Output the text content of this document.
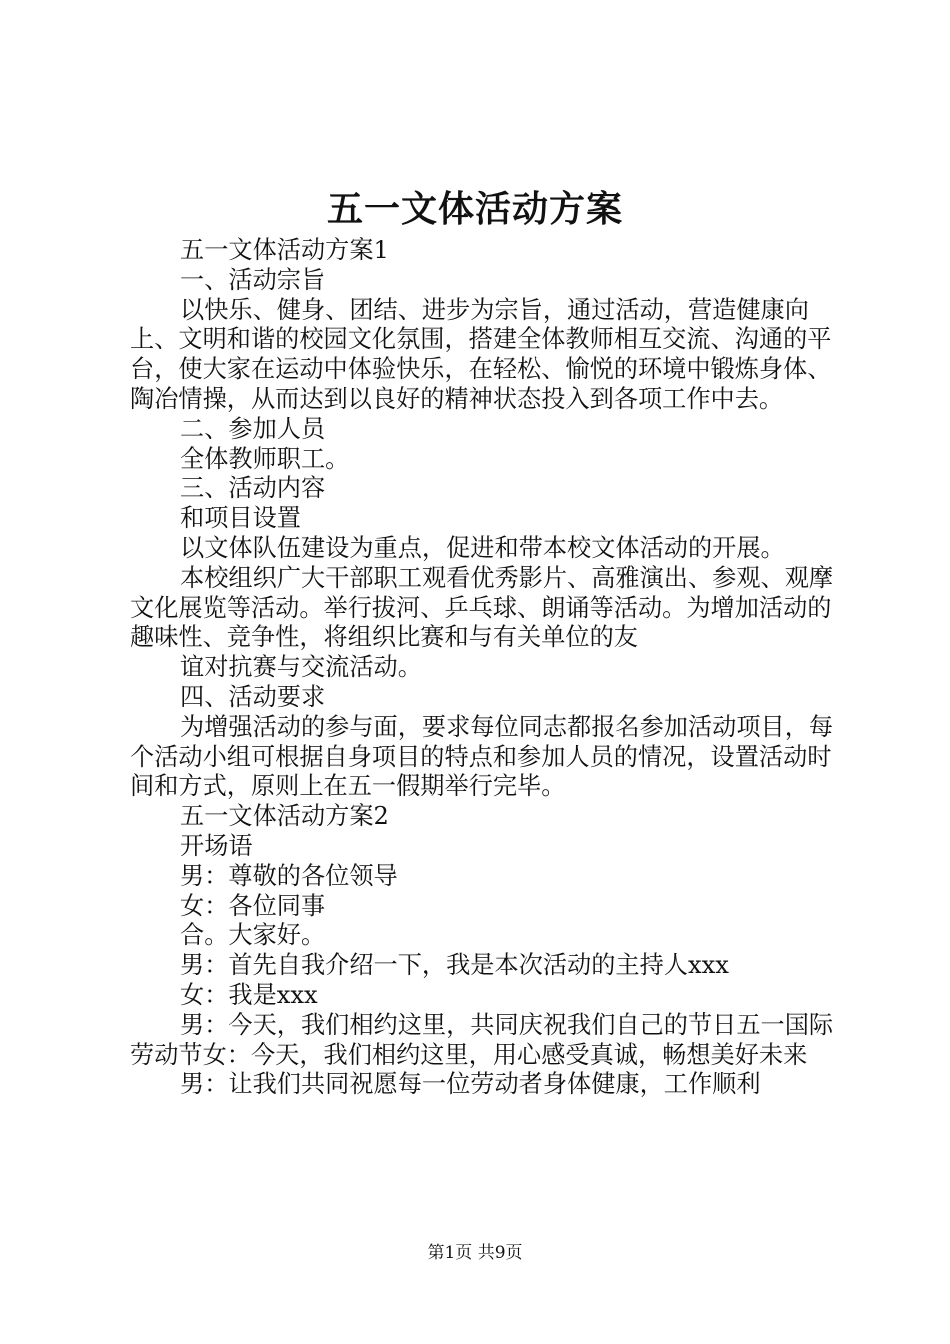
五一文体活动方案

五一文体活动方案1

一、活动宗旨

以快乐、健身、团结、进步为宗旨，通过活动，营造健康向上、文明和谐的校园文化氛围，搭建全体教师相互交流、沟通的平台，使大家在运动中体验快乐，在轻松、愉悦的环境中锻炼身体、陶冶情操，从而达到以良好的精神状态投入到各项工作中去。

二、参加人员

全体教师职工。

三、活动内容

和项目设置

以文体队伍建设为重点，促进和带本校文体活动的开展。

本校组织广大干部职工观看优秀影片、高雅演出、参观、观摩文化展览等活动。举行拔河、乒乓球、朗诵等活动。为增加活动的趣味性、竞争性，将组织比赛和与有关单位的友

谊对抗赛与交流活动。

四、活动要求

为增强活动的参与面，要求每位同志都报名参加活动项目，每个活动小组可根据自身项目的特点和参加人员的情况，设置活动时间和方式，原则上在五一假期举行完毕。

五一文体活动方案2

开场语

男：尊敬的各位领导

女：各位同事

合。大家好。

男：首先自我介绍一下，我是本次活动的主持人xxx

女：我是xxx

男：今天，我们相约这里，共同庆祝我们自己的节日五一国际劳动节女：今天，我们相约这里，用心感受真诚，畅想美好未来

男：让我们共同祝愿每一位劳动者身体健康，工作顺利

第1页 共9页
